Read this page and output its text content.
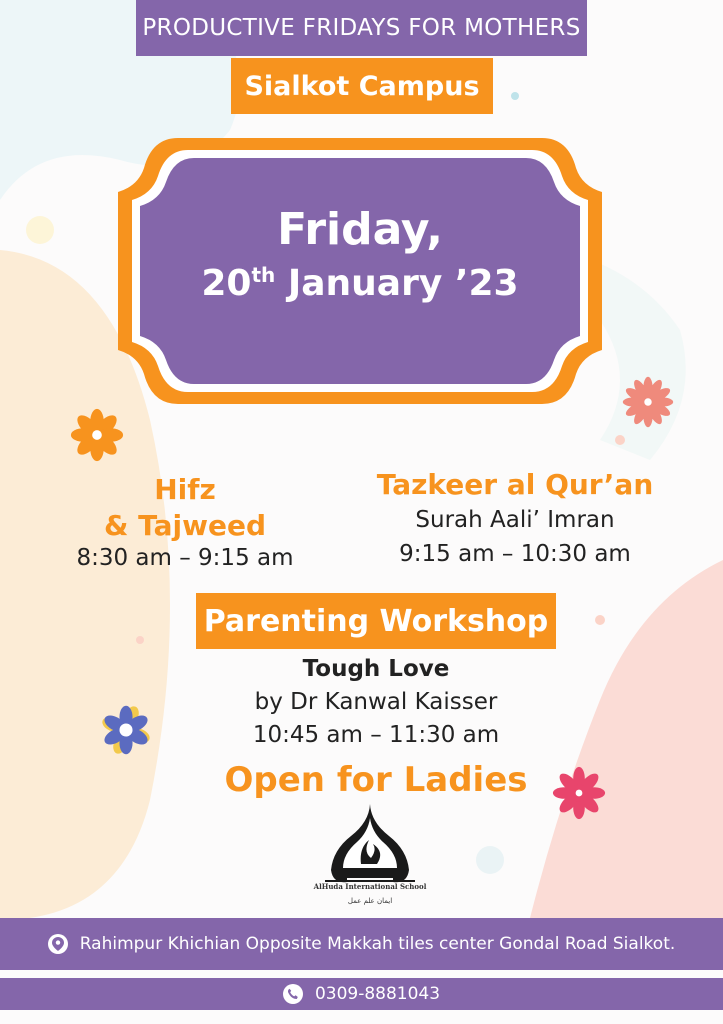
PRODUCTIVE FRIDAYS FOR MOTHERS
Sialkot Campus
Friday,
20th January ’23
Hifz
& Tajweed
8:30 am – 9:15 am
Tazkeer al Qur’an
Surah Aali’ Imran
9:15 am – 10:30 am
Parenting Workshop
Tough Love
by Dr Kanwal Kaisser
10:45 am – 11:30 am
Open for Ladies
AlHuda International School
ایمان علم عمل
Rahimpur Khichian Opposite Makkah tiles center Gondal Road Sialkot.
0309-8881043
